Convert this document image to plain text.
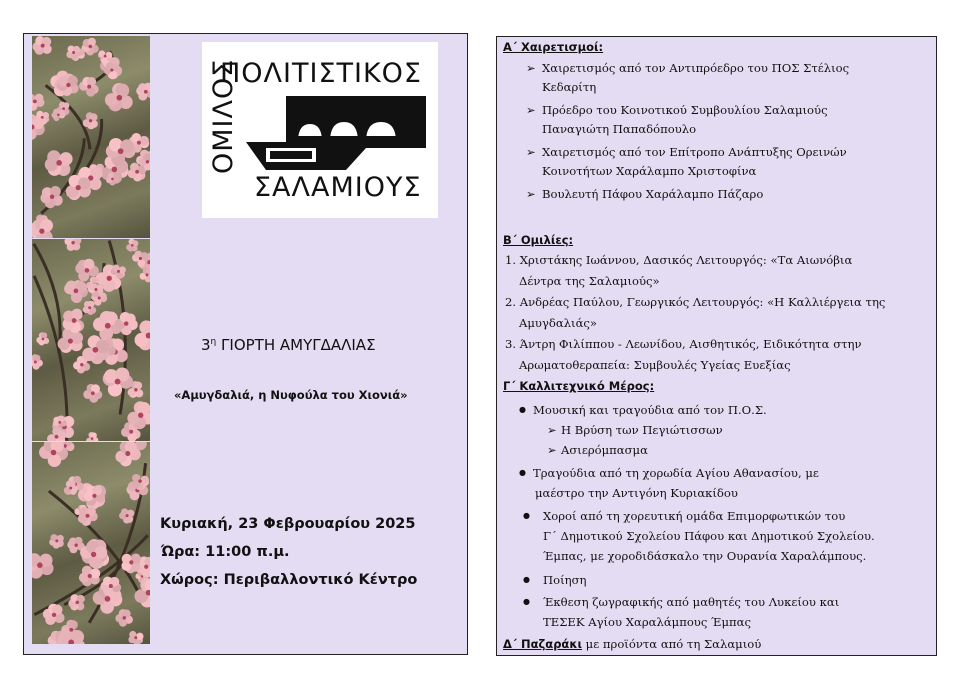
ΠΟΛΙΤΙΣΤΙΚΟΣ
ΟΜΙΛΟΣ
ΣΑΛΑΜΙΟΥΣ
$3^\eta$ ΓΙΟΡΤΗ ΑΜΥΓΔΑΛΙΑΣ
«Αμυγδαλιά, η Νυφούλα του Χιονιά»
Κυριακή, 23 Φεβρουαρίου 2025
Ώρα: 11:00 π.μ.
Χώρος: Περιβαλλοντικό Κέντρο
Α΄ Χαιρετισμοί:
➢ Χαιρετισμός από τον Αντιπρόεδρο του ΠΟΣ Στέλιος
Κεδαρίτη
➢ Πρόεδρο του Κοινοτικού Συμβουλίου Σαλαμιούς
Παναγιώτη Παπαδόπουλο
➢ Χαιρετισμός από τον Επίτροπο Ανάπτυξης Ορεινών
Κοινοτήτων Χαράλαμπο Χριστοφίνα
➢ Βουλευτή Πάφου Χαράλαμπο Πάζαρο
Β΄ Ομιλίες:
1. Χριστάκης Ιωάννου, Δασικός Λειτουργός: «Τα Αιωνόβια
Δέντρα της Σαλαμιούς»
2. Ανδρέας Παύλου, Γεωργικός Λειτουργός: «Η Καλλιέργεια της
Αμυγδαλιάς»
3. Άντρη Φιλίππου - Λεωνίδου, Αισθητικός, Ειδικότητα στην
Αρωματοθεραπεία: Συμβουλές Υγείας Ευεξίας
Γ΄ Καλλιτεχνικό Μέρος:
● Μουσική και τραγούδια από τον Π.Ο.Σ.
➢ Η Βρύση των Πεγιώτισσων
➢ Ασιερόμπασμα
● Τραγούδια από τη χορωδία Αγίου Αθανασίου, με
μαέστρο την Αντιγόνη Κυριακίδου
● Χοροί από τη χορευτική ομάδα Επιμορφωτικών του
Γ΄ Δημοτικού Σχολείου Πάφου και Δημοτικού Σχολείου.
Έμπας, με χοροδιδάσκαλο την Ουρανία Χαραλάμπους.
● Ποίηση
● Έκθεση ζωγραφικής από μαθητές του Λυκείου και
ΤΕΣΕΚ Αγίου Χαραλάμπους Έμπας
Δ΄ Παζαράκι με προϊόντα από τη Σαλαμιού
